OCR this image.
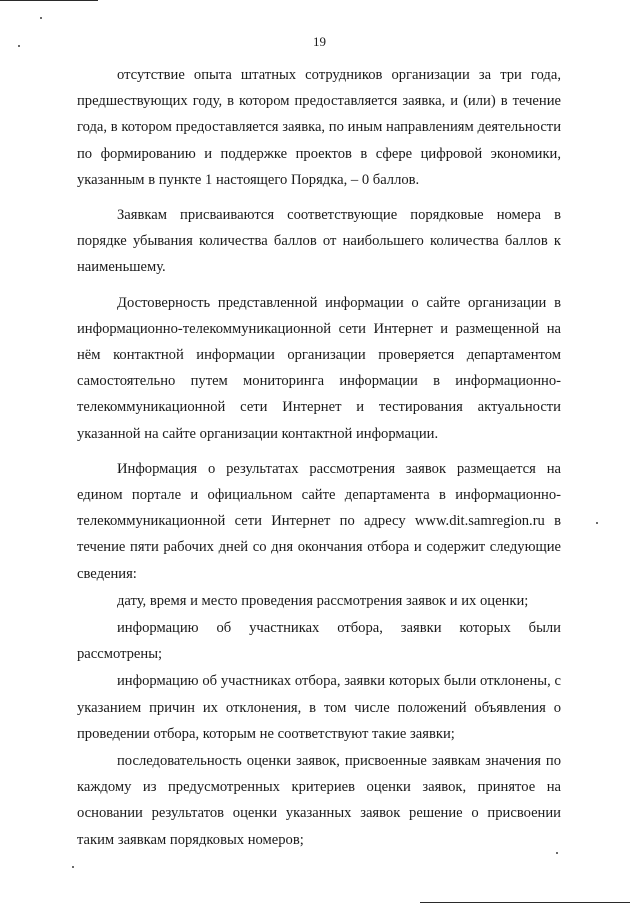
19

отсутствие опыта штатных сотрудников организации за три года, предшествующих году, в котором предоставляется заявка, и (или) в течение года, в котором предоставляется заявка, по иным направлениям деятельности по формированию и поддержке проектов в сфере цифровой экономики, указанным в пункте 1 настоящего Порядка, – 0 баллов.

Заявкам присваиваются соответствующие порядковые номера в порядке убывания количества баллов от наибольшего количества баллов к наименьшему.

Достоверность представленной информации о сайте организации в информационно-телекоммуникационной сети Интернет и размещенной на нём контактной информации организации проверяется департаментом самостоятельно путем мониторинга информации в информационно-телекоммуникационной сети Интернет и тестирования актуальности указанной на сайте организации контактной информации.

Информация о результатах рассмотрения заявок размещается на едином портале и официальном сайте департамента в информационно-телекоммуникационной сети Интернет по адресу www.dit.samregion.ru в течение пяти рабочих дней со дня окончания отбора и содержит следующие сведения:

дату, время и место проведения рассмотрения заявок и их оценки;

информацию об участниках отбора, заявки которых были рассмотрены;

информацию об участниках отбора, заявки которых были отклонены, с указанием причин их отклонения, в том числе положений объявления о проведении отбора, которым не соответствуют такие заявки;

последовательность оценки заявок, присвоенные заявкам значения по каждому из предусмотренных критериев оценки заявок, принятое на основании результатов оценки указанных заявок решение о присвоении таким заявкам порядковых номеров;
